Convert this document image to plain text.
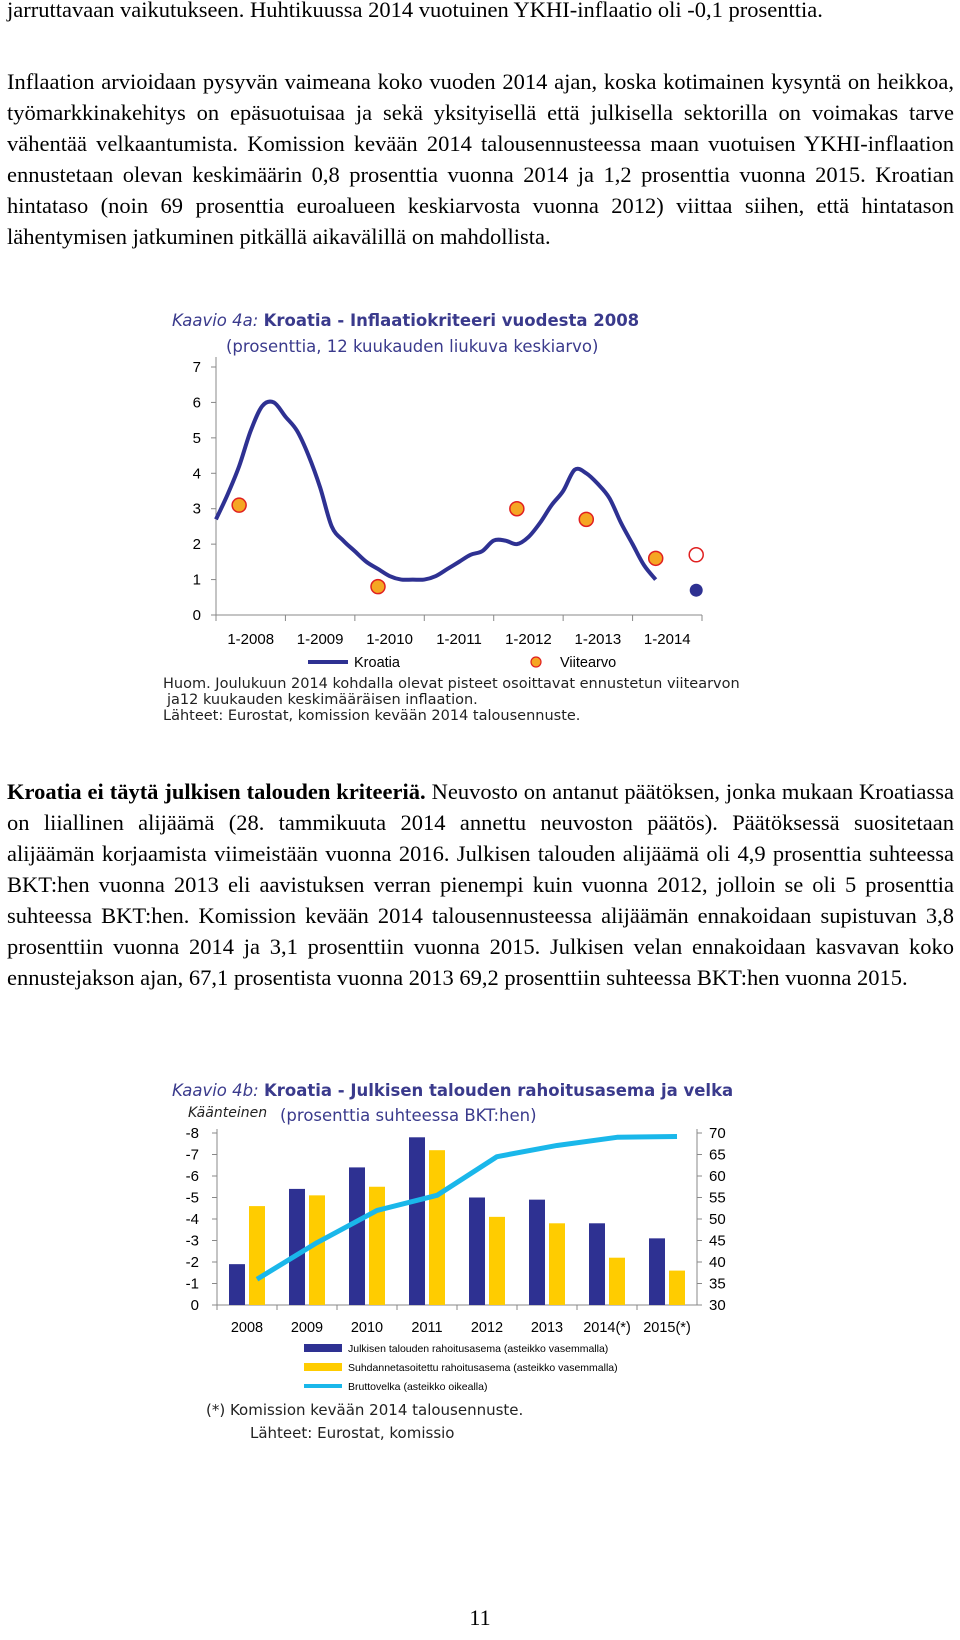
jarruttavaan vaikutukseen. Huhtikuussa 2014 vuotuinen YKHI-inflaatio oli -0,1 prosenttia.

Inflaation arvioidaan pysyvän vaimeana koko vuoden 2014 ajan, koska kotimainen kysyntä on heikkoa, työmarkkinakehitys on epäsuotuisaa ja sekä yksityisellä että julkisella sektorilla on voimakas tarve vähentää velkaantumista. Komission kevään 2014 talousennusteessa maan vuotuisen YKHI-inflaation ennustetaan olevan keskimäärin 0,8 prosenttia vuonna 2014 ja 1,2 prosenttia vuonna 2015. Kroatian hintataso (noin 69 prosenttia euroalueen keskiarvosta vuonna 2012) viittaa siihen, että hintatason lähentymisen jatkuminen pitkällä aikavälillä on mahdollista.

Kaavio 4a: Kroatia - Inflaatiokriteeri vuodesta 2008
(prosenttia, 12 kuukauden liukuva keskiarvo)
0
1
2
3
4
5
6
7
1-2008 1-2009 1-2010 1-2011 1-2012 1-2013 1-2014
Kroatia	Viitearvo
Huom. Joulukuun 2014 kohdalla olevat pisteet osoittavat ennustetun viitearvon
ja12 kuukauden keskimääräisen inflaation.
Lähteet: Eurostat, komission kevään 2014 talousennuste.

Kroatia ei täytä julkisen talouden kriteeriä. Neuvosto on antanut päätöksen, jonka mukaan Kroatiassa on liiallinen alijäämä (28. tammikuuta 2014 annettu neuvoston päätös). Päätöksessä suositetaan alijäämän korjaamista viimeistään vuonna 2016. Julkisen talouden alijäämä oli 4,9 prosenttia suhteessa BKT:hen vuonna 2013 eli aavistuksen verran pienempi kuin vuonna 2012, jolloin se oli 5 prosenttia suhteessa BKT:hen. Komission kevään 2014 talousennusteessa alijäämän ennakoidaan supistuvan 3,8 prosenttiin vuonna 2014 ja 3,1 prosenttiin vuonna 2015. Julkisen velan ennakoidaan kasvavan koko ennustejakson ajan, 67,1 prosentista vuonna 2013 69,2 prosenttiin suhteessa BKT:hen vuonna 2015.

Kaavio 4b: Kroatia - Julkisen talouden rahoitusasema ja velka
Käänteinen (prosenttia suhteessa BKT:hen)
-8
-7
-6
-5
-4
-3
-2
-1
0
70
65
60
55
50
45
40
35
30
2008 2009 2010 2011 2012 2013 2014(*) 2015(*)
Julkisen talouden rahoitusasema (asteikko vasemmalla)
Suhdannetasoitettu rahoitusasema (asteikko vasemmalla)
Bruttovelka (asteikko oikealla)
(*) Komission kevään 2014 talousennuste.
Lähteet: Eurostat, komissio
11
